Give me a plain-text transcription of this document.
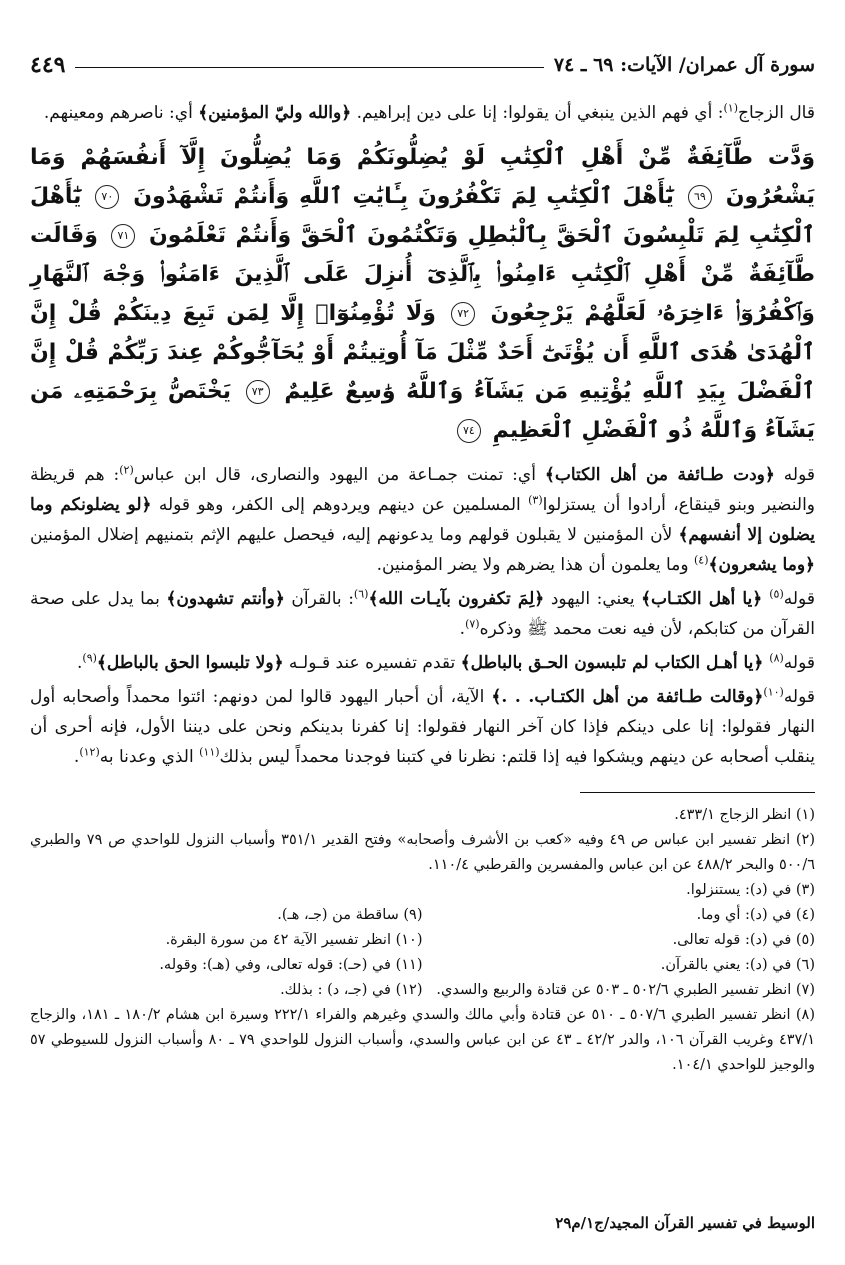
سورة آل عمران/ الآيات: ٦٩ ـ ٧٤
٤٤٩

قال الزجاج$^{(١)}$: أي فهم الذين ينبغي أن يقولوا: إنا على دين إبراهيم. ﴿والله وليّ المؤمنين﴾ أي: ناصرهم ومعينهم.

وَدَّت طَّآئِفَةٌ مِّنْ أَهْلِ ٱلْكِتَٰبِ لَوْ يُضِلُّونَكُمْ وَمَا يُضِلُّونَ إِلَّآ أَنفُسَهُمْ وَمَا يَشْعُرُونَ ٦٩ يَٰٓأَهْلَ ٱلْكِتَٰبِ لِمَ تَكْفُرُونَ بِـَٔايَٰتِ ٱللَّهِ وَأَنتُمْ تَشْهَدُونَ ٧٠ يَٰٓأَهْلَ ٱلْكِتَٰبِ لِمَ تَلْبِسُونَ ٱلْحَقَّ بِٱلْبَٰطِلِ وَتَكْتُمُونَ ٱلْحَقَّ وَأَنتُمْ تَعْلَمُونَ ٧١ وَقَالَت طَّآئِفَةٌ مِّنْ أَهْلِ ٱلْكِتَٰبِ ءَامِنُوا۟ بِٱلَّذِىٓ أُنزِلَ عَلَى ٱلَّذِينَ ءَامَنُوا۟ وَجْهَ ٱلنَّهَارِ وَٱكْفُرُوٓا۟ ءَاخِرَهُۥ لَعَلَّهُمْ يَرْجِعُونَ ٧٢ وَلَا تُؤْمِنُوٓا۟ إِلَّا لِمَن تَبِعَ دِينَكُمْ قُلْ إِنَّ ٱلْهُدَىٰ هُدَى ٱللَّهِ أَن يُؤْتَىٰٓ أَحَدٌ مِّثْلَ مَآ أُوتِيتُمْ أَوْ يُحَآجُّوكُمْ عِندَ رَبِّكُمْ قُلْ إِنَّ ٱلْفَضْلَ بِيَدِ ٱللَّهِ يُؤْتِيهِ مَن يَشَآءُ وَٱللَّهُ وَٰسِعٌ عَلِيمٌ ٧٣ يَخْتَصُّ بِرَحْمَتِهِۦ مَن يَشَآءُ وَٱللَّهُ ذُو ٱلْفَضْلِ ٱلْعَظِيمِ ٧٤

قوله ﴿ودت طـائفة من أهل الكتاب﴾ أي: تمنت جمـاعة من اليهود والنصارى، قال ابن عباس$^{(٢)}$: هم قريظة والنضير وبنو قينقاع، أرادوا أن يستزلوا$^{(٣)}$ المسلمين عن دينهم ويردوهم إلى الكفر، وهو قوله ﴿لو يضلونكم وما يضلون إلا أنفسهم﴾ لأن المؤمنين لا يقبلون قولهم وما يدعونهم إليه، فيحصل عليهم الإثم بتمنيهم إضلال المؤمنين ﴿وما يشعرون﴾$^{(٤)}$ وما يعلمون أن هذا يضرهم ولا يضر المؤمنين.

قوله$^{(٥)}$ ﴿يا أهل الكتـاب﴾ يعني: اليهود ﴿لِمَ تكفرون بآيـات الله﴾$^{(٦)}$: بالقرآن ﴿وأنتم تشهدون﴾ بما يدل على صحة القرآن من كتابكم، لأن فيه نعت محمد ﷺ وذكره$^{(٧)}$.

قوله$^{(٨)}$ ﴿يا أهـل الكتاب لم تلبسون الحـق بالباطل﴾ تقدم تفسيره عند قـولـه ﴿ولا تلبسوا الحق بالباطل﴾$^{(٩)}$.

قوله$^{(١٠)}$﴿وقالت طـائفة من أهل الكتـاب. . .﴾ الآية، أن أحبار اليهود قالوا لمن دونهم: ائتوا محمداً وأصحابه أول النهار فقولوا: إنا على دينكم فإذا كان آخر النهار فقولوا: إنا كفرنا بدينكم ونحن على ديننا الأول، فإنه أحرى أن ينقلب أصحابه عن دينهم ويشكوا فيه إذا قلتم: نظرنا في كتبنا فوجدنا محمداً ليس بذلك$^{(١١)}$ الذي وعدنا به$^{(١٢)}$.

(١) انظر الزجاج ٤٣٣/١.
(٢) انظر تفسير ابن عباس ص ٤٩ وفيه «كعب بن الأشرف وأصحابه» وفتح القدير ٣٥١/١ وأسباب النزول للواحدي ص ٧٩ والطبري ٥٠٠/٦ والبحر ٤٨٨/٢ عن ابن عباس والمفسرين والقرطبي ١١٠/٤.
(٣) في (د): يستنزلوا.
(٤) في (د): أي وما.
(٩) ساقطة من (جـ، هـ).
(٥) في (د): قوله تعالى.
(١٠) انظر تفسير الآية ٤٢ من سورة البقرة.
(٦) في (د): يعني بالقرآن.
(١١) في (حـ): قوله تعالى، وفي (هـ): وقوله.
(٧) انظر تفسير الطبري ٥٠٢/٦ ـ ٥٠٣ عن قتادة والربيع والسدي.
(١٢) في (جـ، د) : بذلك.
(٨) انظر تفسير الطبري ٥٠٧/٦ ـ ٥١٠ عن قتادة وأبي مالك والسدي وغيرهم والفراء ٢٢٢/١ وسيرة ابن هشام ١٨٠/٢ ـ ١٨١، والزجاج ٤٣٧/١ وغريب القرآن ١٠٦، والدر ٤٢/٢ ـ ٤٣ عن ابن عباس والسدي، وأسباب النزول للواحدي ٧٩ ـ ٨٠ وأسباب النزول للسيوطي ٥٧ والوجيز للواحدي ١٠٤/١.
الوسيط في تفسير القرآن المجيد/ج١/م٢٩
